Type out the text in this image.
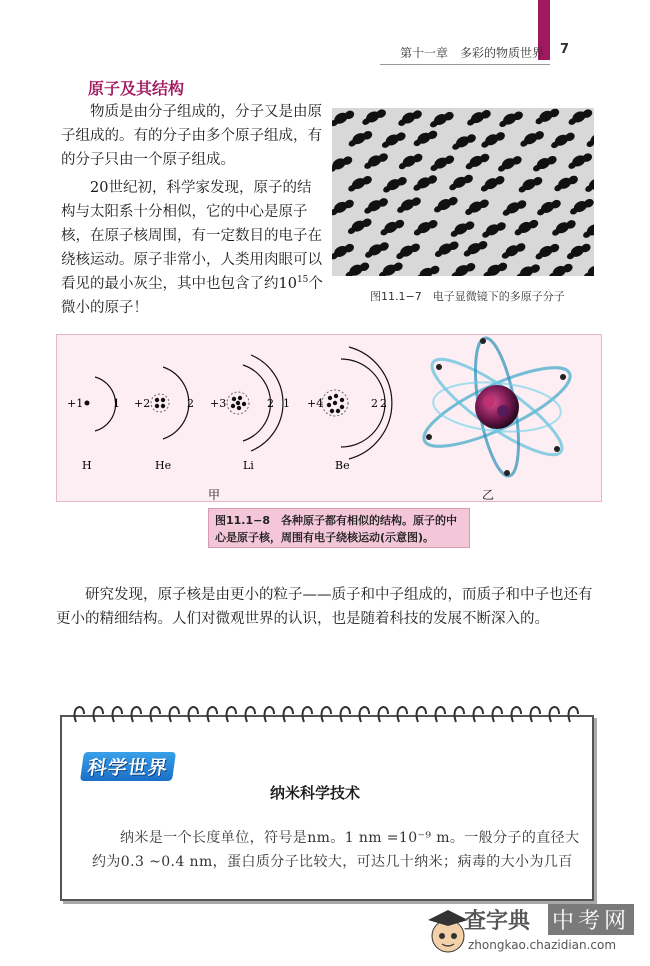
第十一章　多彩的物质世界 7
原子及其结构
物质是由分子组成的，分子又是由原子组成的。有的分子由多个原子组成，有的分子只由一个原子组成。
20世纪初，科学家发现，原子的结构与太阳系十分相似，它的中心是原子核，在原子核周围，有一定数目的电子在绕核运动。原子非常小，人类用肉眼可以看见的最小灰尘，其中也包含了约$10^{15}$个微小的原子！
图11.1−7　电子显微镜下的多原子分子
+1	1
H
+2	2
He
+3	2 1
Li
+4	2 2
Be
甲	乙
图11.1−8　各种原子都有相似的结构。原子的中心是原子核，周围有电子绕核运动(示意图)。
研究发现，原子核是由更小的粒子——质子和中子组成的，而质子和中子也还有更小的精细结构。人们对微观世界的认识，也是随着科技的发展不断深入的。
科学世界
纳米科学技术
纳米是一个长度单位，符号是nm。1 nm =10⁻⁹ m。一般分子的直径大约为0.3 ~0.4 nm，蛋白质分子比较大，可达几十纳米；病毒的大小为几百
查字典 中考网
zhongkao.chazidian.com
